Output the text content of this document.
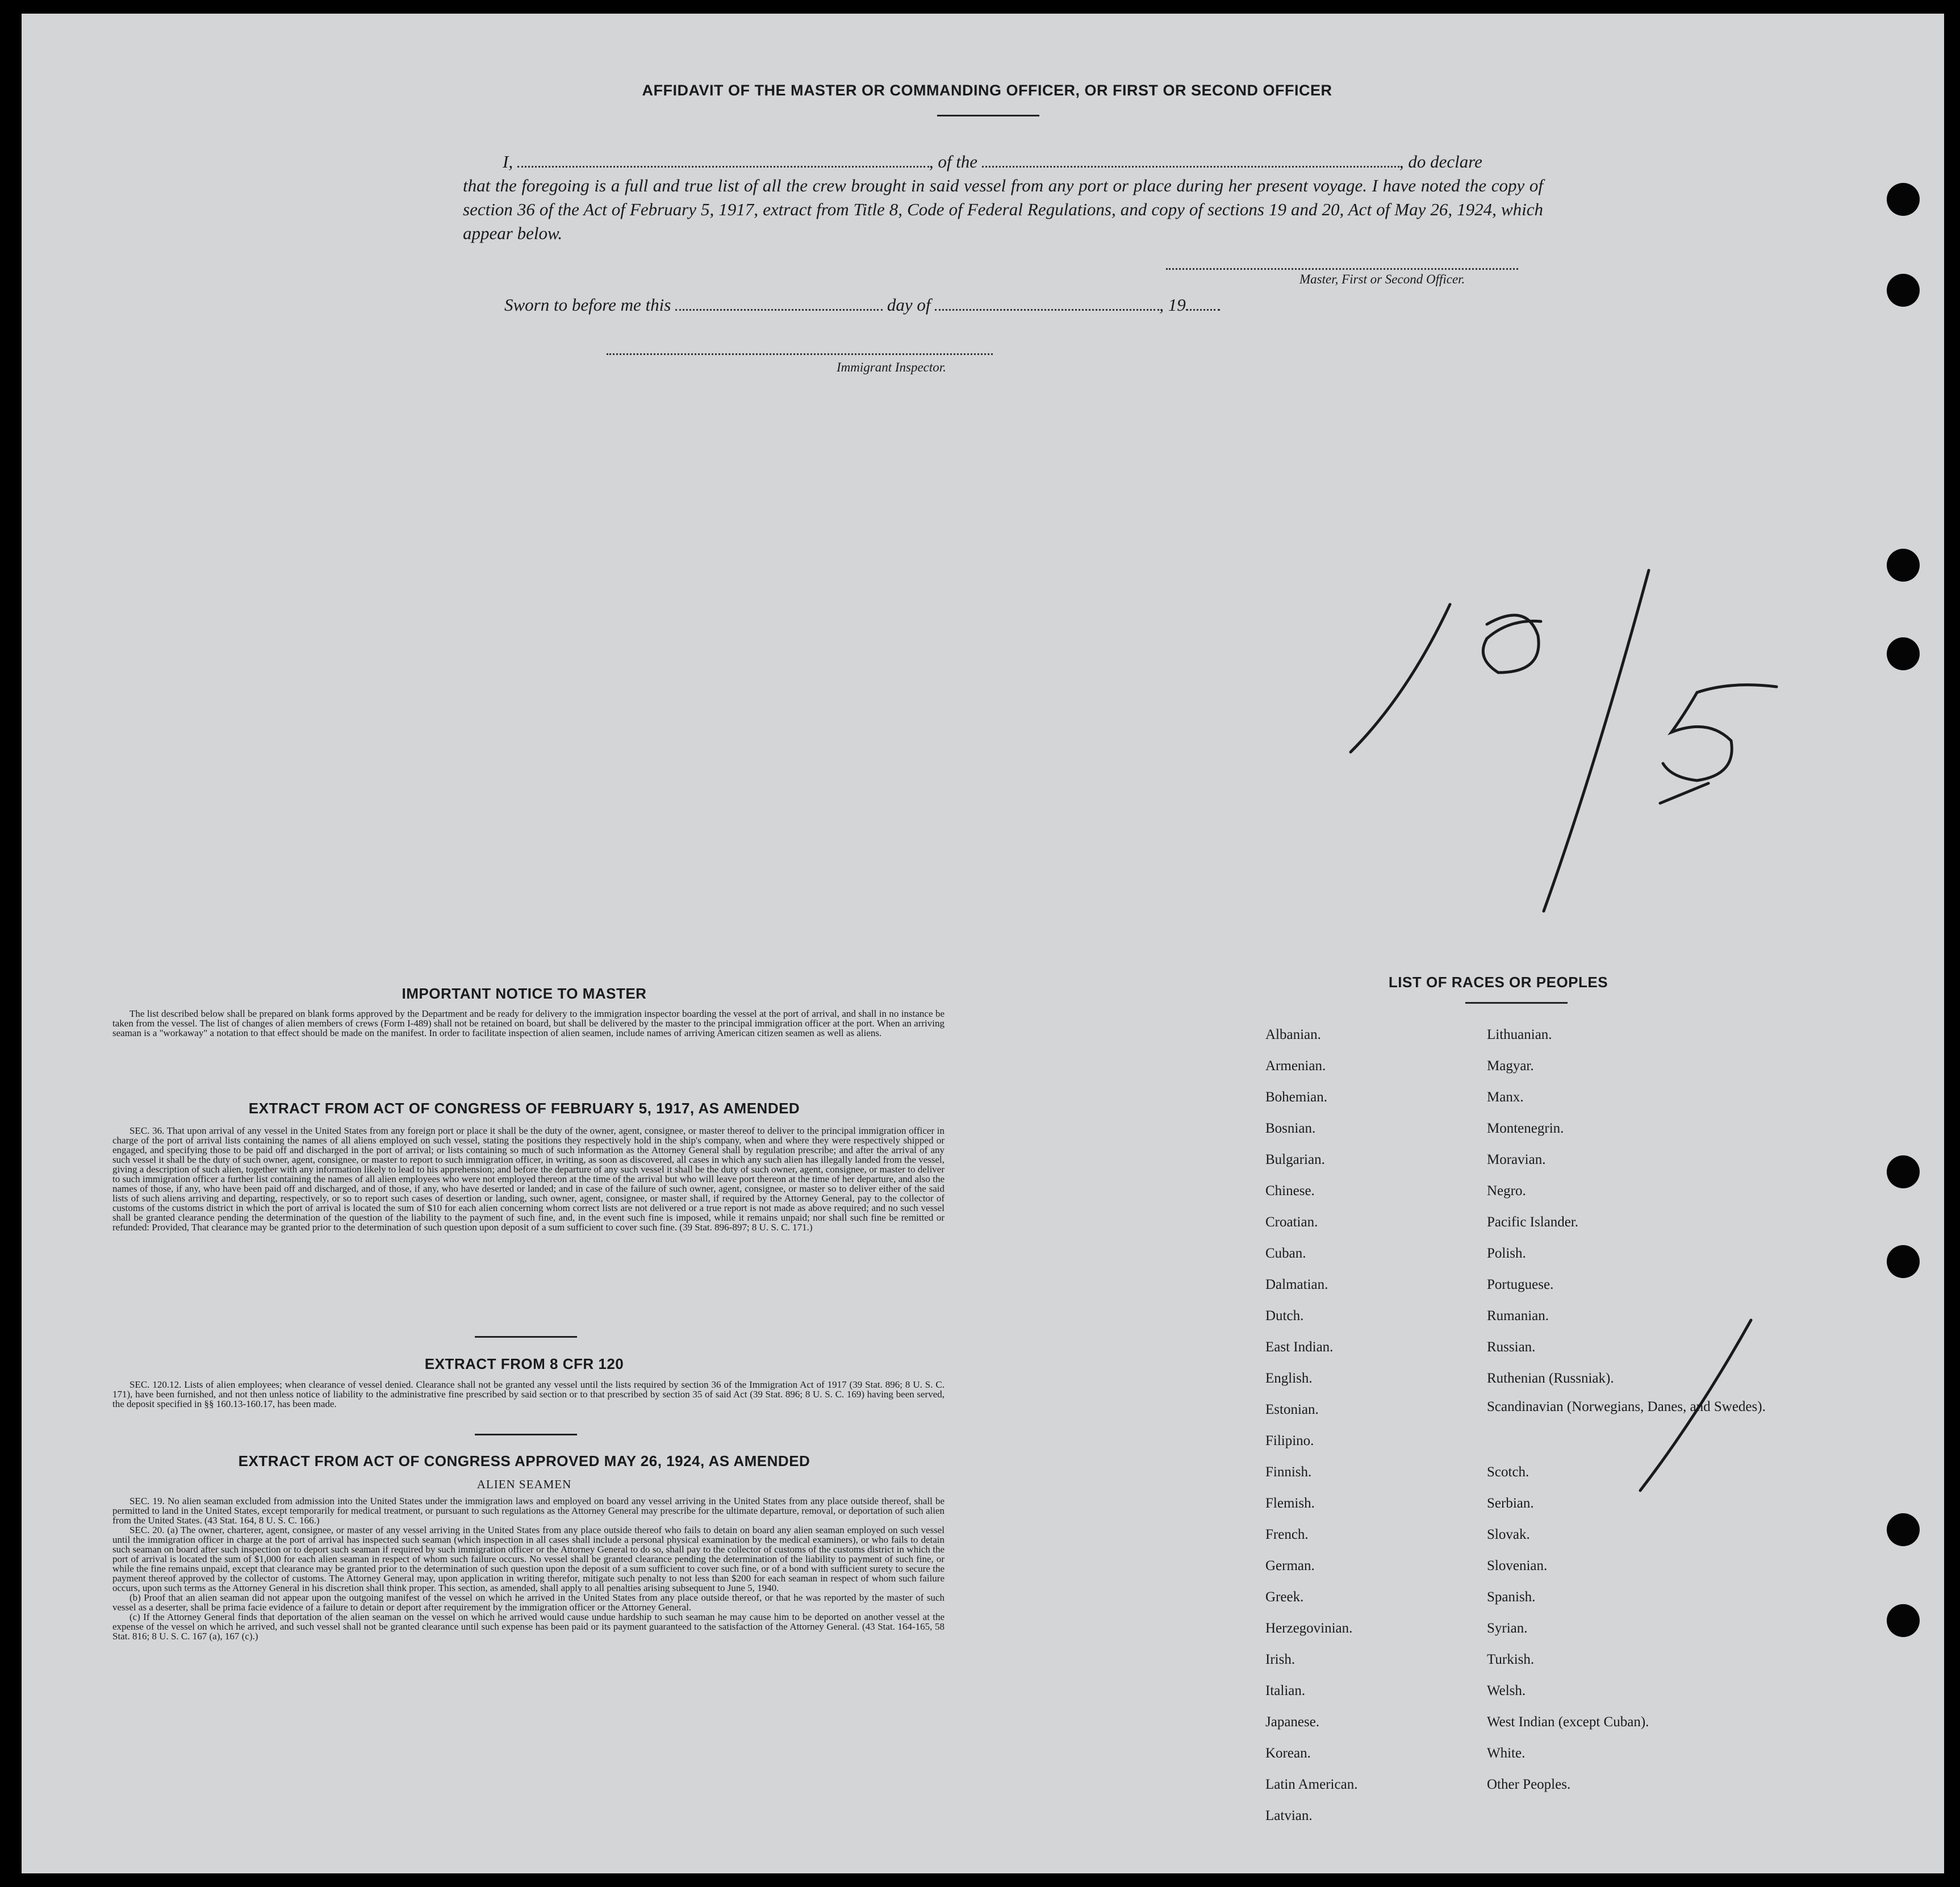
AFFIDAVIT OF THE MASTER OR COMMANDING OFFICER, OR FIRST OR SECOND OFFICER

I,	, of the	, do declare

that the foregoing is a full and true list of all the crew brought in said vessel from any port or place during her present voyage. I have noted the copy of section 36 of the Act of February 5, 1917, extract from Title 8, Code of Federal Regulations, and copy of sections 19 and 20, Act of May 26, 1924, which appear below.

Master, First or Second Officer.
Sworn to before me this	day of	, 19
Immigrant Inspector.
IMPORTANT NOTICE TO MASTER

The list described below shall be prepared on blank forms approved by the Department and be ready for delivery to the immigration inspector boarding the vessel at the port of arrival, and shall in no instance be taken from the vessel. The list of changes of alien members of crews (Form I-489) shall not be retained on board, but shall be delivered by the master to the principal immigration officer at the port. When an arriving seaman is a "workaway" a notation to that effect should be made on the manifest. In order to facilitate inspection of alien seamen, include names of arriving American citizen seamen as well as aliens.

EXTRACT FROM ACT OF CONGRESS OF FEBRUARY 5, 1917, AS AMENDED

SEC. 36. That upon arrival of any vessel in the United States from any foreign port or place it shall be the duty of the owner, agent, consignee, or master thereof to deliver to the principal immigration officer in charge of the port of arrival lists containing the names of all aliens employed on such vessel, stating the positions they respectively hold in the ship's company, when and where they were respectively shipped or engaged, and specifying those to be paid off and discharged in the port of arrival; or lists containing so much of such information as the Attorney General shall by regulation prescribe; and after the arrival of any such vessel it shall be the duty of such owner, agent, consignee, or master to report to such immigration officer, in writing, as soon as discovered, all cases in which any such alien has illegally landed from the vessel, giving a description of such alien, together with any information likely to lead to his apprehension; and before the departure of any such vessel it shall be the duty of such owner, agent, consignee, or master to deliver to such immigration officer a further list containing the names of all alien employees who were not employed thereon at the time of the arrival but who will leave port thereon at the time of her departure, and also the names of those, if any, who have been paid off and discharged, and of those, if any, who have deserted or landed; and in case of the failure of such owner, agent, consignee, or master so to deliver either of the said lists of such aliens arriving and departing, respectively, or so to report such cases of desertion or landing, such owner, agent, consignee, or master shall, if required by the Attorney General, pay to the collector of customs of the customs district in which the port of arrival is located the sum of $10 for each alien concerning whom correct lists are not delivered or a true report is not made as above required; and no such vessel shall be granted clearance pending the determination of the question of the liability to the payment of such fine, and, in the event such fine is imposed, while it remains unpaid; nor shall such fine be remitted or refunded: Provided, That clearance may be granted prior to the determination of such question upon deposit of a sum sufficient to cover such fine. (39 Stat. 896-897; 8 U. S. C. 171.)

EXTRACT FROM 8 CFR 120

SEC. 120.12. Lists of alien employees; when clearance of vessel denied. Clearance shall not be granted any vessel until the lists required by section 36 of the Immigration Act of 1917 (39 Stat. 896; 8 U. S. C. 171), have been furnished, and not then unless notice of liability to the administrative fine prescribed by said section or to that prescribed by section 35 of said Act (39 Stat. 896; 8 U. S. C. 169) having been served, the deposit specified in §§ 160.13-160.17, has been made.

EXTRACT FROM ACT OF CONGRESS APPROVED MAY 26, 1924, AS AMENDED
ALIEN SEAMEN

SEC. 19. No alien seaman excluded from admission into the United States under the immigration laws and employed on board any vessel arriving in the United States from any place outside thereof, shall be permitted to land in the United States, except temporarily for medical treatment, or pursuant to such regulations as the Attorney General may prescribe for the ultimate departure, removal, or deportation of such alien from the United States. (43 Stat. 164, 8 U. S. C. 166.)

SEC. 20. (a) The owner, charterer, agent, consignee, or master of any vessel arriving in the United States from any place outside thereof who fails to detain on board any alien seaman employed on such vessel until the immigration officer in charge at the port of arrival has inspected such seaman (which inspection in all cases shall include a personal physical examination by the medical examiners), or who fails to detain such seaman on board after such inspection or to deport such seaman if required by such immigration officer or the Attorney General to do so, shall pay to the collector of customs of the customs district in which the port of arrival is located the sum of $1,000 for each alien seaman in respect of whom such failure occurs. No vessel shall be granted clearance pending the determination of the liability to payment of such fine, or while the fine remains unpaid, except that clearance may be granted prior to the determination of such question upon the deposit of a sum sufficient to cover such fine, or of a bond with sufficient surety to secure the payment thereof approved by the collector of customs. The Attorney General may, upon application in writing therefor, mitigate such penalty to not less than $200 for each seaman in respect of whom such failure occurs, upon such terms as the Attorney General in his discretion shall think proper. This section, as amended, shall apply to all penalties arising subsequent to June 5, 1940.

(b) Proof that an alien seaman did not appear upon the outgoing manifest of the vessel on which he arrived in the United States from any place outside thereof, or that he was reported by the master of such vessel as a deserter, shall be prima facie evidence of a failure to detain or deport after requirement by the immigration officer or the Attorney General.

(c) If the Attorney General finds that deportation of the alien seaman on the vessel on which he arrived would cause undue hardship to such seaman he may cause him to be deported on another vessel at the expense of the vessel on which he arrived, and such vessel shall not be granted clearance until such expense has been paid or its payment guaranteed to the satisfaction of the Attorney General. (43 Stat. 164-165, 58 Stat. 816; 8 U. S. C. 167 (a), 167 (c).)

LIST OF RACES OR PEOPLES
Albanian.
Armenian.
Bohemian.
Bosnian.
Bulgarian.
Chinese.
Croatian.
Cuban.
Dalmatian.
Dutch.
East Indian.
English.
Estonian.
Filipino.
Finnish.
Flemish.
French.
German.
Greek.
Herzegovinian.
Irish.
Italian.
Japanese.
Korean.
Latin American.
Latvian.
Lithuanian.
Magyar.
Manx.
Montenegrin.
Moravian.
Negro.
Pacific Islander.
Polish.
Portuguese.
Rumanian.
Russian.
Ruthenian (Russniak).
Scandinavian (Norwegians, Danes, and Swedes).
Scotch.
Serbian.
Slovak.
Slovenian.
Spanish.
Syrian.
Turkish.
Welsh.
West Indian (except Cuban).
White.
Other Peoples.
